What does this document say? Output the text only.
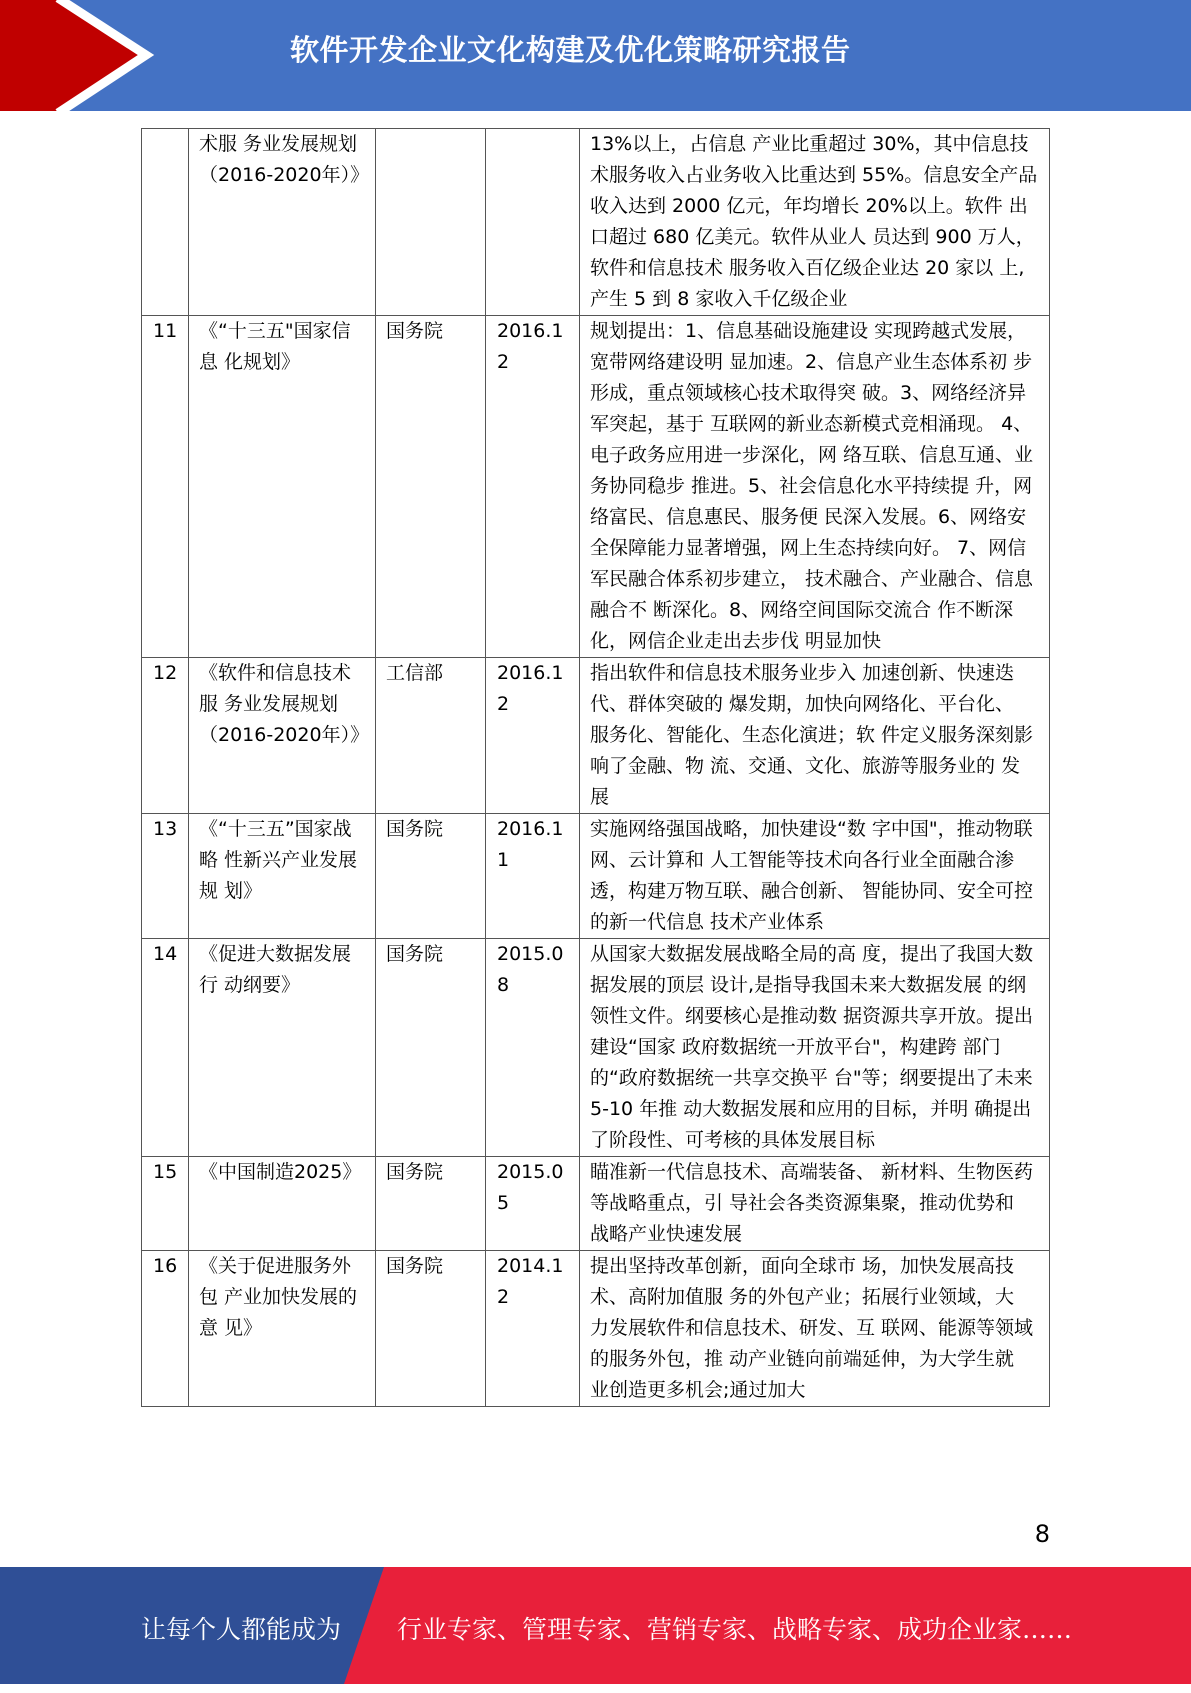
软件开发企业文化构建及优化策略研究报告
	术服 务业发展规划（2016-2020年）》			13%以上，占信息 产业比重超过 30%，其中信息技 术服务收入占业务收入比重达到 55%。信息安全产品收入达到 2000 亿元，年均增长 20%以上。软件 出口超过 680 亿美元。软件从业人 员达到 900 万人，软件和信息技术 服务收入百亿级企业达 20 家以 上,产生 5 到 8 家收入千亿级企业
11	《“十三五"国家信息 化规划》	国务院	2016.12	规划提出：1、信息基础设施建设 实现跨越式发展，宽带网络建设明 显加速。2、信息产业生态体系初 步形成，重点领域核心技术取得突 破。3、网络经济异军突起，基于 互联网的新业态新模式竞相涌现。 4、电子政务应用进一步深化，网 络互联、信息互通、业务协同稳步 推进。5、社会信息化水平持续提 升，网络富民、信息惠民、服务便 民深入发展。6、网络安全保障能力显著增强，网上生态持续向好。 7、网信军民融合体系初步建立， 技术融合、产业融合、信息融合不 断深化。8、网络空间国际交流合 作不断深化，网信企业走出去步伐 明显加快
12	《软件和信息技术服 务业发展规划（2016-2020年）》	工信部	2016.12	指出软件和信息技术服务业步入 加速创新、快速迭代、群体突破的 爆发期，加快向网络化、平台化、 服务化、智能化、生态化演进；软 件定义服务深刻影响了金融、物 流、交通、文化、旅游等服务业的 发展
13	《“十三五”国家战略 性新兴产业发展规 划》	国务院	2016.11	实施网络强国战略，加快建设“数 字中国"，推动物联网、云计算和 人工智能等技术向各行业全面融合渗透，构建万物互联、融合创新、 智能协同、安全可控的新一代信息 技术产业体系
14	《促进大数据发展行 动纲要》	国务院	2015.08	从国家大数据发展战略全局的高 度，提出了我国大数据发展的顶层 设计,是指导我国未来大数据发展 的纲领性文件。纲要核心是推动数 据资源共享开放。提出建设“国家 政府数据统一开放平台"，构建跨 部门的“政府数据统一共享交换平 台"等；纲要提出了未来 5-10 年推 动大数据发展和应用的目标，并明 确提出了阶段性、可考核的具体发展目标
15	《中国制造2025》	国务院	2015.05	瞄准新一代信息技术、高端装备、 新材料、生物医药等战略重点，引 导社会各类资源集聚，推动优势和 战略产业快速发展
16	《关于促进服务外包 产业加快发展的意 见》	国务院	2014.12	提出坚持改革创新，面向全球市 场，加快发展高技术、高附加值服 务的外包产业；拓展行业领域，大 力发展软件和信息技术、研发、互 联网、能源等领域的服务外包，推 动产业链向前端延伸，为大学生就 业创造更多机会;通过加大
8
让每个人都能成为 行业专家、管理专家、营销专家、战略专家、成功企业家……
